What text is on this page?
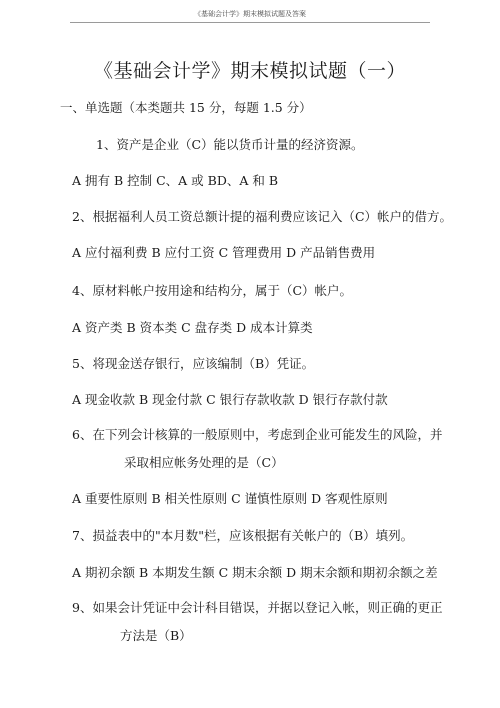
《基础会计学》期末模拟试题及答案
《基础会计学》期末模拟试题（一）
一、单选题（本类题共 15 分，每题 1.5 分）
1、资产是企业（C）能以货币计量的经济资源。
A 拥有 B 控制 C、A 或 BD、A 和 B
2、根据福利人员工资总额计提的福利费应该记入（C）帐户的借方。
A 应付福利费 B 应付工资 C 管理费用 D 产品销售费用
4、原材料帐户按用途和结构分，属于（C）帐户。
A 资产类 B 资本类 C 盘存类 D 成本计算类
5、将现金送存银行，应该编制（B）凭证。
A 现金收款 B 现金付款 C 银行存款收款 D 银行存款付款
6、在下列会计核算的一般原则中，考虑到企业可能发生的风险，并
采取相应帐务处理的是（C）
A 重要性原则 B 相关性原则 C 谨慎性原则 D 客观性原则
7、损益表中的"本月数"栏，应该根据有关帐户的（B）填列。
A 期初余额 B 本期发生额 C 期末余额 D 期末余额和期初余额之差
9、如果会计凭证中会计科目错误，并据以登记入帐，则正确的更正
方法是（B）
